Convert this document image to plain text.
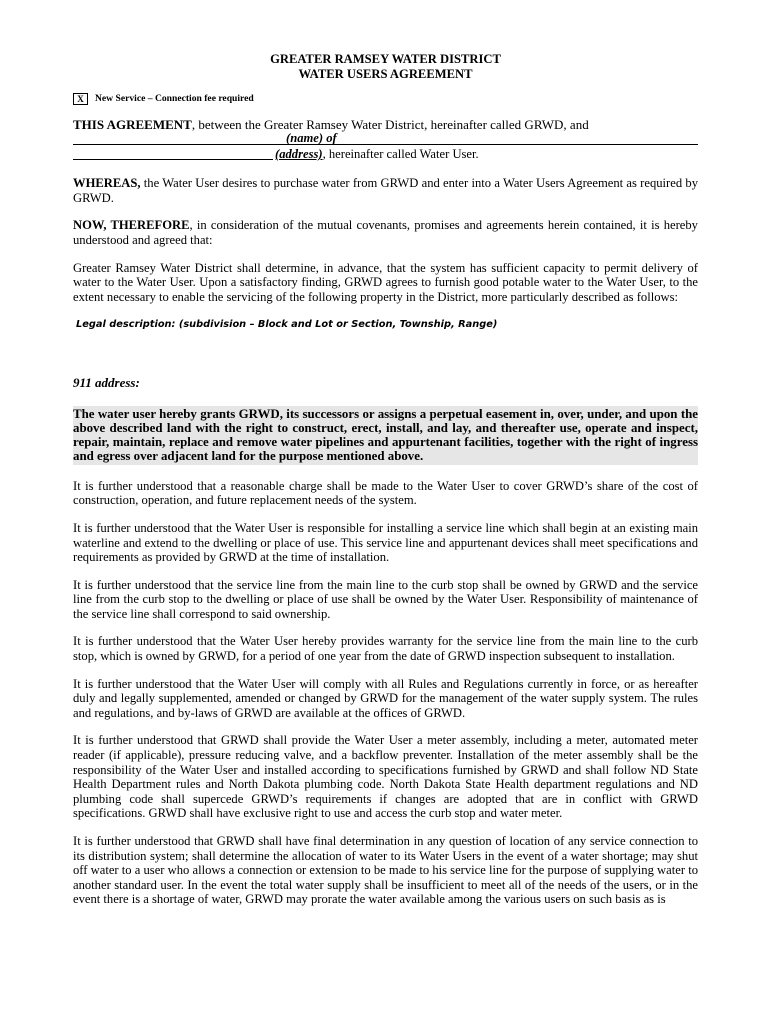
GREATER RAMSEY WATER DISTRICT
WATER USERS AGREEMENT
X	New Service – Connection fee required

THIS AGREEMENT, between the Greater Ramsey Water District, hereinafter called GRWD, and

(name) of
(address), hereinafter called Water User.

WHEREAS, the Water User desires to purchase water from GRWD and enter into a Water Users Agreement as required by GRWD.

NOW, THEREFORE, in consideration of the mutual covenants, promises and agreements herein contained, it is hereby understood and agreed that:

Greater Ramsey Water District shall determine, in advance, that the system has sufficient capacity to permit delivery of water to the Water User. Upon a satisfactory finding, GRWD agrees to furnish good potable water to the Water User, to the extent necessary to enable the servicing of the following property in the District, more particularly described as follows:

Legal description: (subdivision – Block and Lot or Section, Township, Range)
911 address:

The water user hereby grants GRWD, its successors or assigns a perpetual easement in, over, under, and upon the above described land with the right to construct, erect, install, and lay, and thereafter use, operate and inspect, repair, maintain, replace and remove water pipelines and appurtenant facilities, together with the right of ingress and egress over adjacent land for the purpose mentioned above.

It is further understood that a reasonable charge shall be made to the Water User to cover GRWD’s share of the cost of construction, operation, and future replacement needs of the system.

It is further understood that the Water User is responsible for installing a service line which shall begin at an existing main waterline and extend to the dwelling or place of use. This service line and appurtenant devices shall meet specifications and requirements as provided by GRWD at the time of installation.

It is further understood that the service line from the main line to the curb stop shall be owned by GRWD and the service line from the curb stop to the dwelling or place of use shall be owned by the Water User. Responsibility of maintenance of the service line shall correspond to said ownership.

It is further understood that the Water User hereby provides warranty for the service line from the main line to the curb stop, which is owned by GRWD, for a period of one year from the date of GRWD inspection subsequent to installation.

It is further understood that the Water User will comply with all Rules and Regulations currently in force, or as hereafter duly and legally supplemented, amended or changed by GRWD for the management of the water supply system. The rules and regulations, and by-laws of GRWD are available at the offices of GRWD.

It is further understood that GRWD shall provide the Water User a meter assembly, including a meter, automated meter reader (if applicable), pressure reducing valve, and a backflow preventer. Installation of the meter assembly shall be the responsibility of the Water User and installed according to specifications furnished by GRWD and shall follow ND State Health Department rules and North Dakota plumbing code. North Dakota State Health department regulations and ND plumbing code shall supercede GRWD’s requirements if changes are adopted that are in conflict with GRWD specifications. GRWD shall have exclusive right to use and access the curb stop and water meter.

It is further understood that GRWD shall have final determination in any question of location of any service connection to its distribution system; shall determine the allocation of water to its Water Users in the event of a water shortage; may shut off water to a user who allows a connection or extension to be made to his service line for the purpose of supplying water to another standard user. In the event the total water supply shall be insufficient to meet all of the needs of the users, or in the event there is a shortage of water, GRWD may prorate the water available among the various users on such basis as is
